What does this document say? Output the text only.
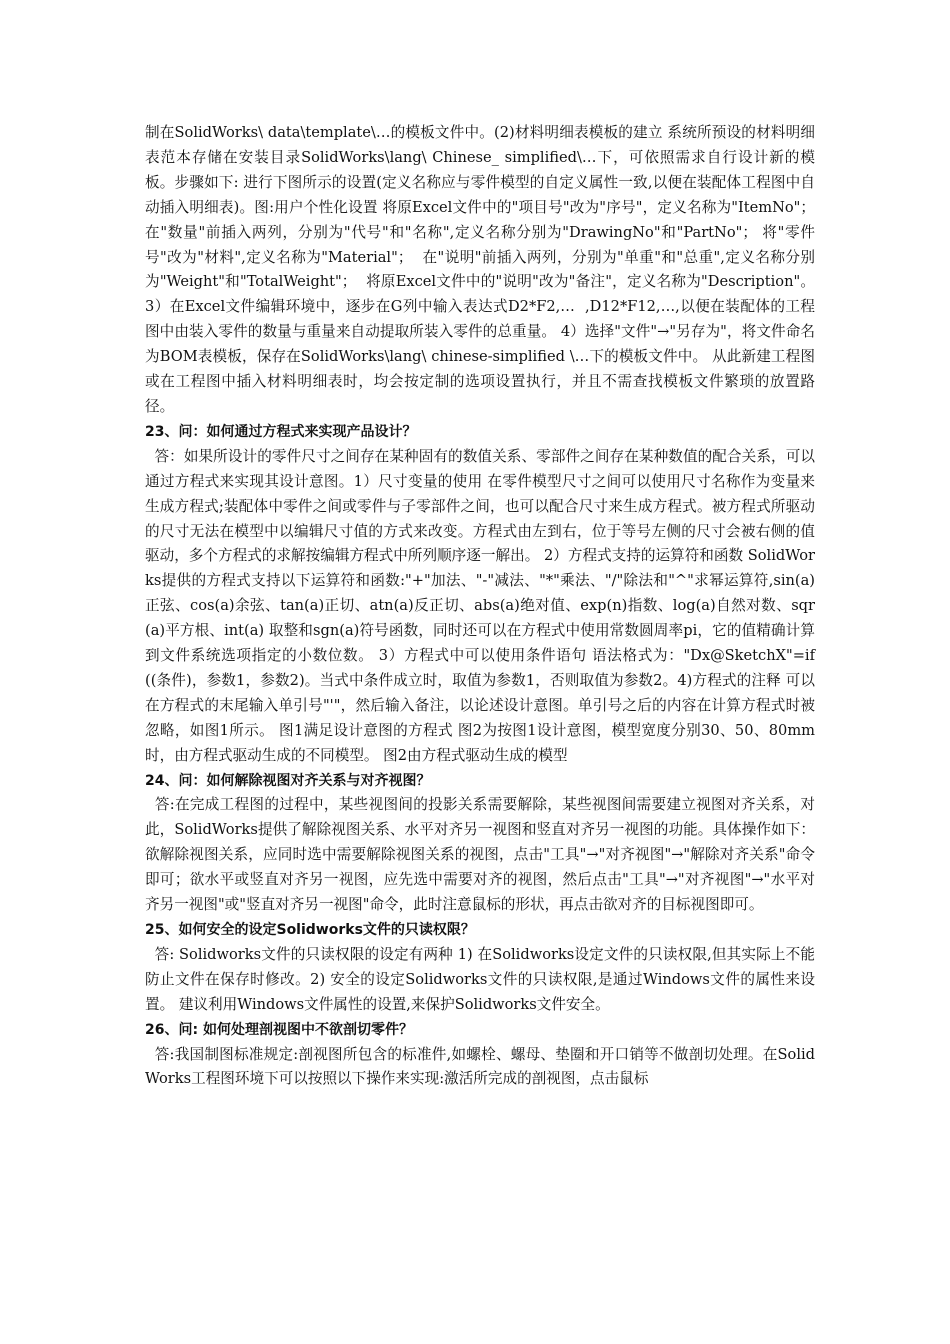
制在SolidWorks\ data\template\…的模板文件中。(2)材料明细表模板的建立 系统所预设的材料明细表范本存储在安装目录SolidWorks\lang\ Chinese_ simplified\…下，可依照需求自行设计新的模板。步骤如下: 进行下图所示的设置(定义名称应与零件模型的自定义属性一致,以便在装配体工程图中自动插入明细表)。图:用户个性化设置 将原Excel文件中的"项目号"改为"序号"，定义名称为"ItemNo"；  在"数量"前插入两列，分别为"代号"和"名称",定义名称分别为"DrawingNo"和"PartNo"； 将"零件号"改为"材料",定义名称为"Material"；  在"说明"前插入两列，分别为"单重"和"总重",定义名称分别为"Weight"和"TotalWeight"；  将原Excel文件中的"说明"改为"备注"，定义名称为"Description"。 3）在Excel文件编辑环境中，逐步在G列中输入表达式D2*F2,…  ,D12*F12,…,以便在装配体的工程图中由装入零件的数量与重量来自动提取所装入零件的总重量。 4）选择"文件"→"另存为"，将文件命名为BOM表模板，保存在SolidWorks\lang\ chinese-simplified \…下的模板文件中。 从此新建工程图或在工程图中插入材料明细表时，均会按定制的选项设置执行，并且不需查找模板文件繁琐的放置路径。

23、问：如何通过方程式来实现产品设计？

答：如果所设计的零件尺寸之间存在某种固有的数值关系、零部件之间存在某种数值的配合关系，可以通过方程式来实现其设计意图。1）尺寸变量的使用 在零件模型尺寸之间可以使用尺寸名称作为变量来生成方程式;装配体中零件之间或零件与子零部件之间，也可以配合尺寸来生成方程式。被方程式所驱动的尺寸无法在模型中以编辑尺寸值的方式来改变。方程式由左到右，位于等号左侧的尺寸会被右侧的值驱动，多个方程式的求解按编辑方程式中所列顺序逐一解出。 2）方程式支持的运算符和函数 SolidWorks提供的方程式支持以下运算符和函数:"+"加法、"-"减法、"*"乘法、"/"除法和"^"求幂运算符,sin(a)正弦、cos(a)余弦、tan(a)正切、atn(a)反正切、abs(a)绝对值、exp(n)指数、log(a)自然对数、sqr(a)平方根、int(a) 取整和sgn(a)符号函数，同时还可以在方程式中使用常数圆周率pi，它的值精确计算到文件系统选项指定的小数位数。 3）方程式中可以使用条件语句 语法格式为："Dx@SketchX"=if((条件)，参数1，参数2)。当式中条件成立时，取值为参数1，否则取值为参数2。4)方程式的注释 可以在方程式的末尾输入单引号"'"，然后输入备注，以论述设计意图。单引号之后的内容在计算方程式时被忽略，如图1所示。 图1满足设计意图的方程式 图2为按图1设计意图，模型宽度分别30、50、80mm时，由方程式驱动生成的不同模型。 图2由方程式驱动生成的模型

24、问：如何解除视图对齐关系与对齐视图？

答:在完成工程图的过程中，某些视图间的投影关系需要解除，某些视图间需要建立视图对齐关系，对此，SolidWorks提供了解除视图关系、水平对齐另一视图和竖直对齐另一视图的功能。具体操作如下：欲解除视图关系，应同时选中需要解除视图关系的视图，点击"工具"→"对齐视图"→"解除对齐关系"命令即可；欲水平或竖直对齐另一视图，应先选中需要对齐的视图，然后点击"工具"→"对齐视图"→"水平对齐另一视图"或"竖直对齐另一视图"命令，此时注意鼠标的形状，再点击欲对齐的目标视图即可。

25、如何安全的设定Solidworks文件的只读权限？

答: Solidworks文件的只读权限的设定有两种 1) 在Solidworks设定文件的只读权限,但其实际上不能防止文件在保存时修改。2) 安全的设定Solidworks文件的只读权限,是通过Windows文件的属性来设置。 建议利用Windows文件属性的设置,来保护Solidworks文件安全。

26、问: 如何处理剖视图中不欲剖切零件？

答:我国制图标准规定:剖视图所包含的标准件,如螺栓、螺母、垫圈和开口销等不做剖切处理。在SolidWorks工程图环境下可以按照以下操作来实现:激活所完成的剖视图，点击鼠标
